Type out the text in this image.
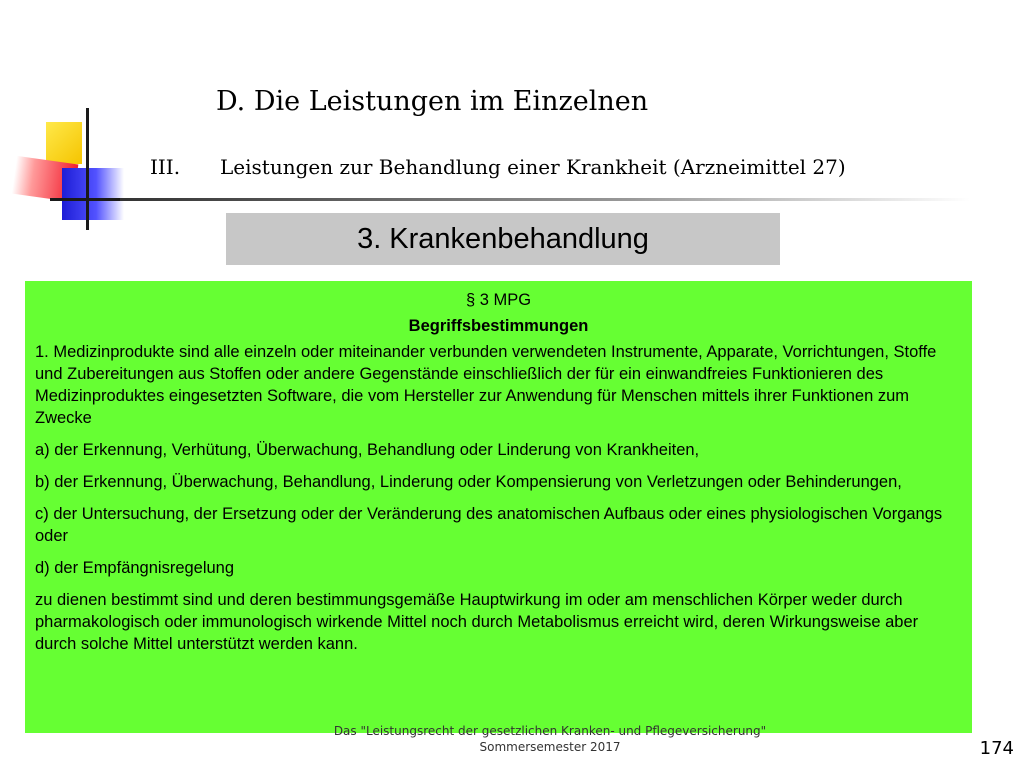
D. Die Leistungen im Einzelnen
III. Leistungen zur Behandlung einer Krankheit (Arzneimittel 27)
3. Krankenbehandlung

§ 3 MPG

Begriffsbestimmungen

1. Medizinprodukte sind alle einzeln oder miteinander verbunden verwendeten Instrumente, Apparate, Vorrichtungen, Stoffe und Zubereitungen aus Stoffen oder andere Gegenstände einschließlich der für ein einwandfreies Funktionieren des Medizinproduktes eingesetzten Software, die vom Hersteller zur Anwendung für Menschen mittels ihrer Funktionen zum Zwecke

a) der Erkennung, Verhütung, Überwachung, Behandlung oder Linderung von Krankheiten,

b) der Erkennung, Überwachung, Behandlung, Linderung oder Kompensierung von Verletzungen oder Behinderungen,

c) der Untersuchung, der Ersetzung oder der Veränderung des anatomischen Aufbaus oder eines physiologischen Vorgangs oder

d) der Empfängnisregelung

zu dienen bestimmt sind und deren bestimmungsgemäße Hauptwirkung im oder am menschlichen Körper weder durch pharmakologisch oder immunologisch wirkende Mittel noch durch Metabolismus erreicht wird, deren Wirkungsweise aber durch solche Mittel unterstützt werden kann.

Das "Leistungsrecht der gesetzlichen Kranken- und Pflegeversicherung"
Sommersemester 2017	174
